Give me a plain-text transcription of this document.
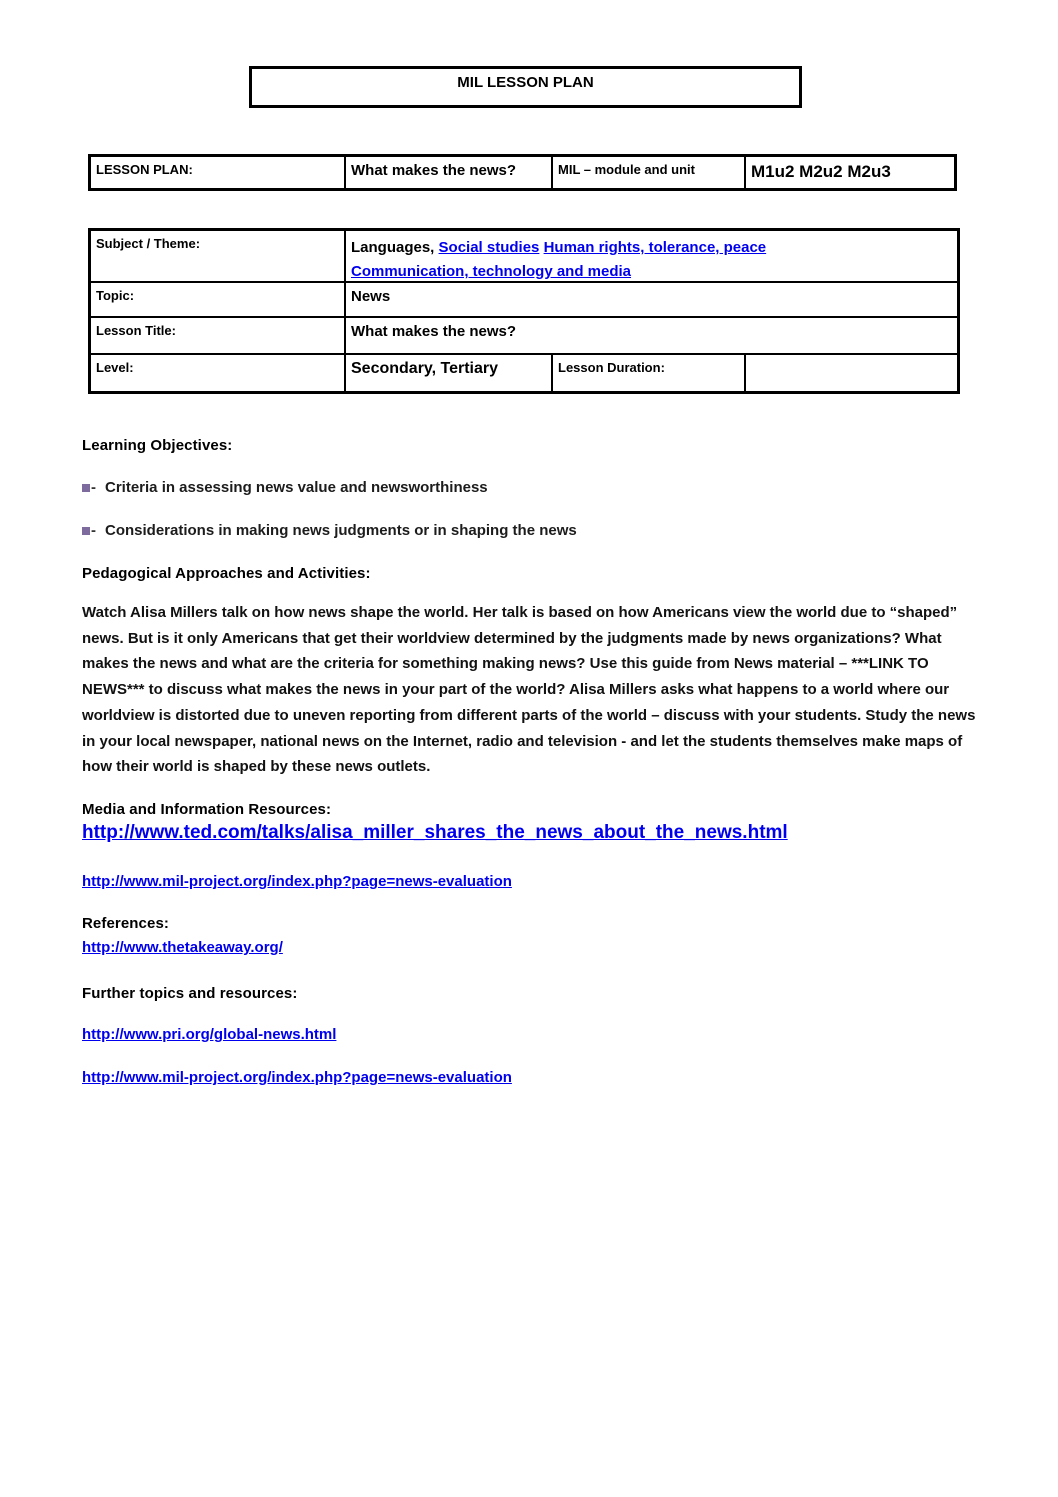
MIL LESSON PLAN
LESSON PLAN:	What makes the news?	MIL – module and unit	M1u2 M2u2 M2u3
Subject / Theme:	Languages, Social studies Human rights, tolerance, peace
Communication, technology and media
Topic:	News
Lesson Title:	What makes the news?
Level:	Secondary, Tertiary	Lesson Duration:
Learning Objectives:
- Criteria in assessing news value and newsworthiness
- Considerations in making news judgments or in shaping the news
Pedagogical Approaches and Activities:
Watch Alisa Millers talk on how news shape the world. Her talk is based on how Americans view the world due to “shaped” news. But is it only Americans that get their worldview determined by the judgments made by news organizations? What makes the news and what are the criteria for something making news? Use this guide from News material – ***LINK TO NEWS*** to discuss what makes the news in your part of the world? Alisa Millers asks what happens to a world where our worldview is distorted due to uneven reporting from different parts of the world – discuss with your students. Study the news in your local newspaper, national news on the Internet, radio and television - and let the students themselves make maps of how their world is shaped by these news outlets.
Media and Information Resources:
http://www.ted.com/talks/alisa_miller_shares_the_news_about_the_news.html
http://www.mil-project.org/index.php?page=news-evaluation
References:
http://www.thetakeaway.org/
Further topics and resources:
http://www.pri.org/global-news.html
http://www.mil-project.org/index.php?page=news-evaluation
